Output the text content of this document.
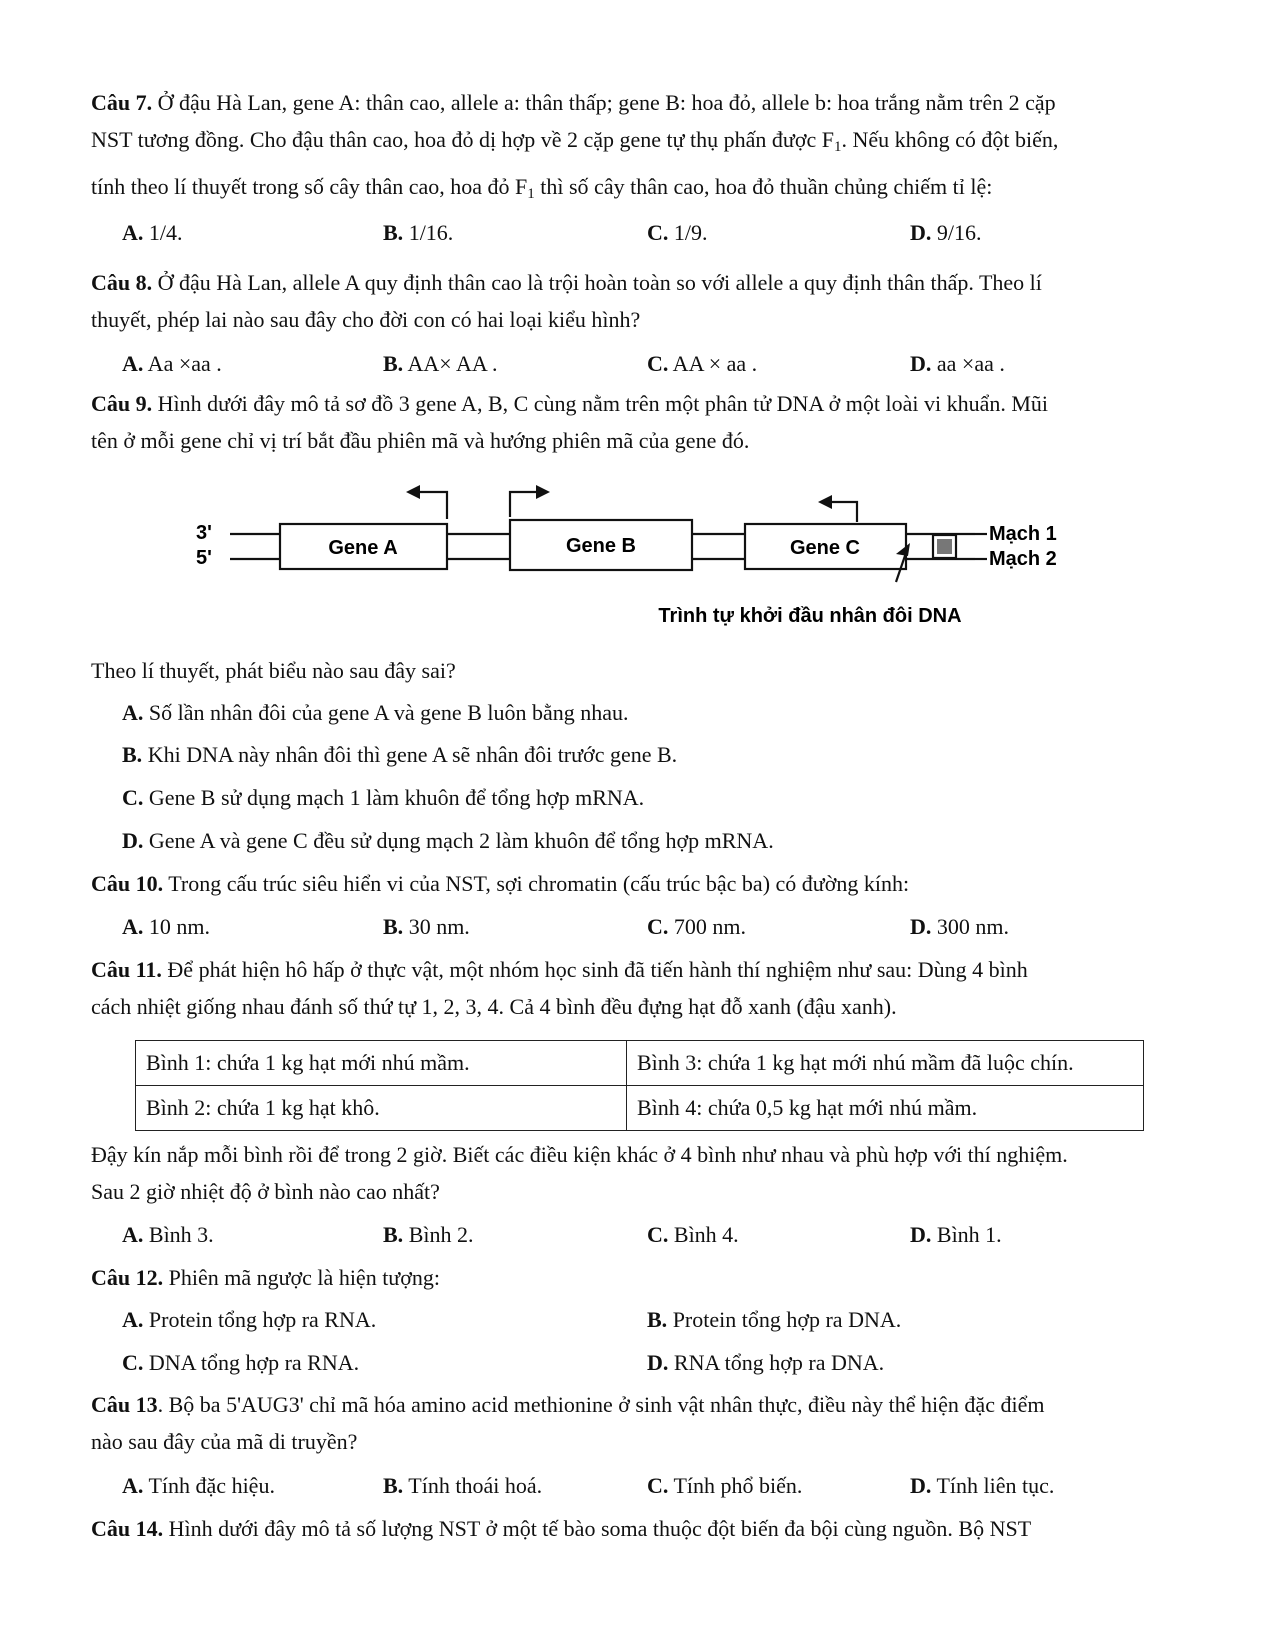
Câu 7. Ở đậu Hà Lan, gene A: thân cao, allele a: thân thấp; gene B: hoa đỏ, allele b: hoa trắng nằm trên 2 cặp
NST tương đồng. Cho đậu thân cao, hoa đỏ dị hợp về 2 cặp gene tự thụ phấn được $F_1$. Nếu không có đột biến,
tính theo lí thuyết trong số cây thân cao, hoa đỏ $F_1$ thì số cây thân cao, hoa đỏ thuần chủng chiếm tỉ lệ:
A. 1/4.	B. 1/16.	C. 1/9.	D. 9/16.
Câu 8. Ở đậu Hà Lan, allele A quy định thân cao là trội hoàn toàn so với allele a quy định thân thấp. Theo lí
thuyết, phép lai nào sau đây cho đời con có hai loại kiểu hình?
A. Aa ×aa .	B. AA× AA .	C. AA × aa .	D. aa ×aa .
Câu 9. Hình dưới đây mô tả sơ đồ 3 gene A, B, C cùng nằm trên một phân tử DNA ở một loài vi khuẩn. Mũi
tên ở mỗi gene chỉ vị trí bắt đầu phiên mã và hướng phiên mã của gene đó.
3'
5'	Gene A	Gene B	Gene C
Mạch 1
Mạch 2
Trình tự khởi đầu nhân đôi DNA
Theo lí thuyết, phát biểu nào sau đây sai?
A. Số lần nhân đôi của gene A và gene B luôn bằng nhau.
B. Khi DNA này nhân đôi thì gene A sẽ nhân đôi trước gene B.
C. Gene B sử dụng mạch 1 làm khuôn để tổng hợp mRNA.
D. Gene A và gene C đều sử dụng mạch 2 làm khuôn để tổng hợp mRNA.
Câu 10. Trong cấu trúc siêu hiển vi của NST, sợi chromatin (cấu trúc bậc ba) có đường kính:
A. 10 nm.	B. 30 nm.	C. 700 nm.	D. 300 nm.
Câu 11. Để phát hiện hô hấp ở thực vật, một nhóm học sinh đã tiến hành thí nghiệm như sau: Dùng 4 bình
cách nhiệt giống nhau đánh số thứ tự 1, 2, 3, 4. Cả 4 bình đều đựng hạt đỗ xanh (đậu xanh).
Bình 1: chứa 1 kg hạt mới nhú mầm.	Bình 3: chứa 1 kg hạt mới nhú mầm đã luộc chín.
Bình 2: chứa 1 kg hạt khô.	Bình 4: chứa 0,5 kg hạt mới nhú mầm.
Đậy kín nắp mỗi bình rồi để trong 2 giờ. Biết các điều kiện khác ở 4 bình như nhau và phù hợp với thí nghiệm.
Sau 2 giờ nhiệt độ ở bình nào cao nhất?
A. Bình 3.	B. Bình 2.	C. Bình 4.	D. Bình 1.
Câu 12. Phiên mã ngược là hiện tượng:
A. Protein tổng hợp ra RNA.	B. Protein tổng hợp ra DNA.
C. DNA tổng hợp ra RNA.	D. RNA tổng hợp ra DNA.
Câu 13. Bộ ba 5'AUG3' chỉ mã hóa amino acid methionine ở sinh vật nhân thực, điều này thể hiện đặc điểm
nào sau đây của mã di truyền?
A. Tính đặc hiệu.	B. Tính thoái hoá.	C. Tính phổ biến.	D. Tính liên tục.
Câu 14. Hình dưới đây mô tả số lượng NST ở một tế bào soma thuộc đột biến đa bội cùng nguồn. Bộ NST
